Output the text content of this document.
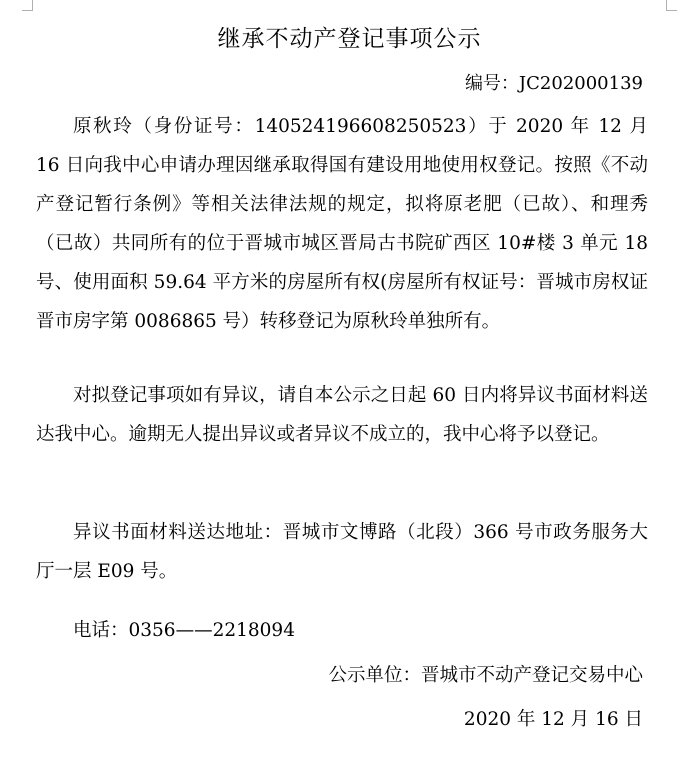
继承不动产登记事项公示
编号：JC202000139

原秋玲（身份证号：140524196608250523）于 2020 年 12 月 16 日向我中心申请办理因继承取得国有建设用地使用权登记。按照《不动产登记暂行条例》等相关法律法规的规定，拟将原老肥（已故）、和理秀（已故）共同所有的位于晋城市城区晋局古书院矿西区 10#楼 3 单元 18 号、使用面积 59.64 平方米的房屋所有权(房屋所有权证号：晋城市房权证晋市房字第 0086865 号）转移登记为原秋玲单独所有。

对拟登记事项如有异议，请自本公示之日起 60 日内将异议书面材料送达我中心。逾期无人提出异议或者异议不成立的，我中心将予以登记。

异议书面材料送达地址：晋城市文博路（北段）366 号市政务服务大厅一层 E09 号。

电话：0356——2218094

公示单位：晋城市不动产登记交易中心
2020 年 12 月 16 日
